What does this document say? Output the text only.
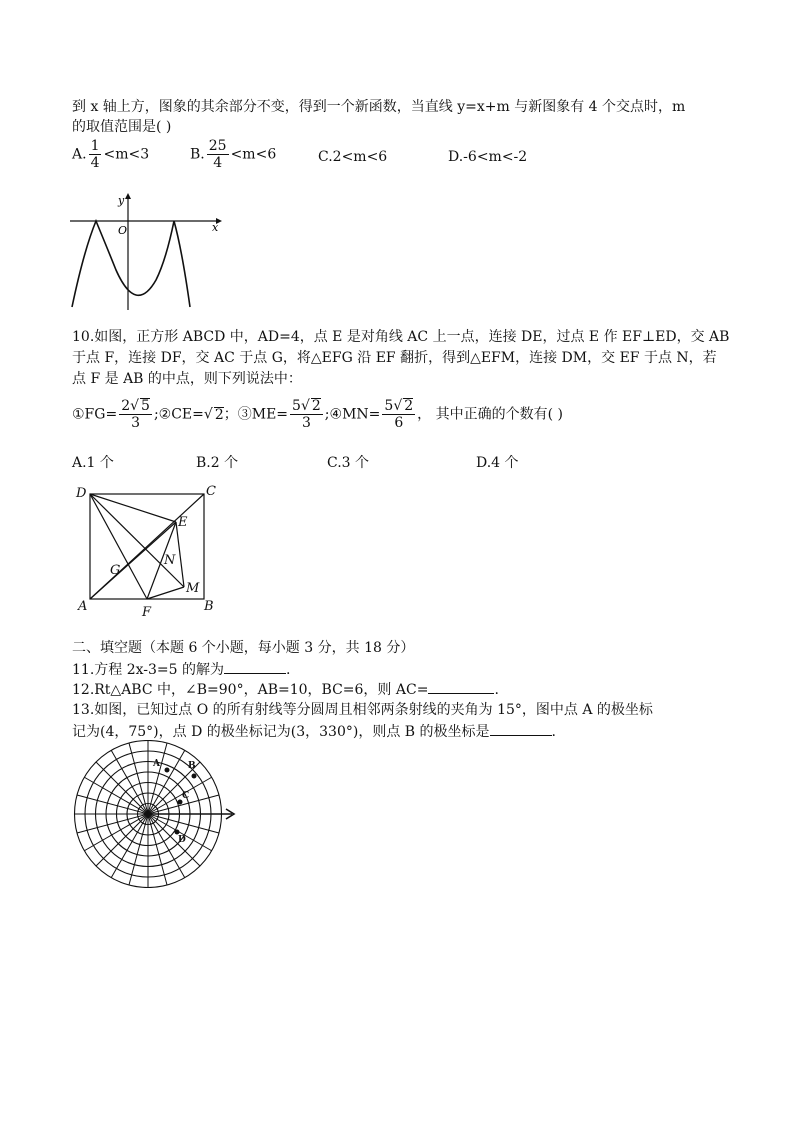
到 x 轴上方，图象的其余部分不变，得到一个新函数，当直线 y=x+m 与新图象有 4 个交点时，m
的取值范围是( )
A. $\frac{1}{4} <m<3$	B. $\frac{25}{4} <m<6$	C.2<m<6	D.-6<m<-2
y
x
O
10.如图，正方形 ABCD 中，AD=4，点 E 是对角线 AC 上一点，连接 DE，过点 E 作 EF⊥ED，交 AB
于点 F，连接 DF，交 AC 于点 G，将△EFG 沿 EF 翻折，得到△EFM，连接 DM，交 EF 于点 N，若
点 F 是 AB 的中点，则下列说法中：
①FG= $\frac{2√ 5}{3}$ ;②CE=√ 2；③ME= $\frac{5√ 2}{3}$ ;④MN= $\frac{5√ 2}{6}$ ， 其中正确的个数有( )
A.1 个	B.2 个	C.3 个	D.4 个
D	C
E
N
G
M
A	F	B
二、填空题（本题 6 个小题，每小题 3 分，共 18 分）
11.方程 2x-3=5 的解为	.
12.Rt△ABC 中，∠B=90°，AB=10，BC=6，则 AC=	.
13.如图，已知过点 O 的所有射线等分圆周且相邻两条射线的夹角为 15°，图中点 A 的极坐标
记为(4，75°)，点 D 的极坐标记为(3，330°)，则点 B 的极坐标是	.
A	B
C
D
